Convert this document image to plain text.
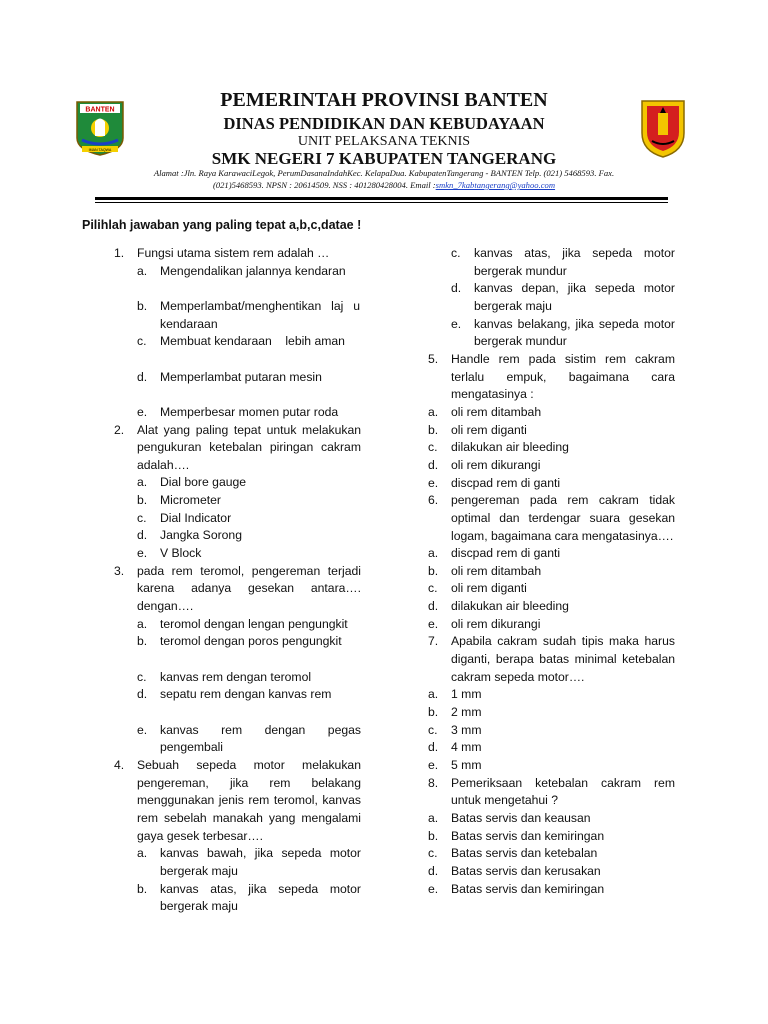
BANTEN
IMAN TAQWA
PEMERINTAH PROVINSI BANTEN
DINAS PENDIDIKAN DAN KEBUDAYAAN
UNIT PELAKSANA TEKNIS
SMK NEGERI 7 KABUPATEN TANGERANG
Alamat :Jln. Raya KarawaciLegok, PerumDasanaIndahKec. KelapaDua. KabupatenTangerang - BANTEN Telp. (021) 5468593. Fax.
(021)5468593. NPSN : 20614509. NSS : 401280428004. Email :smkn_7kabtangerang@yahoo.com
Pilihlah jawaban yang paling tepat a,b,c,datae !
1.	Fungsi utama sistem rem adalah …
a.	Mengendalikan jalannya kendaran
b.	Memperlambat/menghentikan laj u kendaraan
c.	Membuat kendaraan    lebih aman
d.	Memperlambat putaran mesin
e.	Memperbesar momen putar roda
2.	Alat yang paling tepat untuk melakukan pengukuran ketebalan piringan cakram adalah….
a.	Dial bore gauge
b.	Micrometer
c.	Dial Indicator
d.	Jangka Sorong
e.	V Block
3.	pada rem teromol, pengereman terjadi karena adanya gesekan antara…. dengan….
a.	teromol dengan lengan pengungkit
b.	teromol dengan poros pengungkit
c.	kanvas rem dengan teromol
d.	sepatu rem dengan kanvas rem
e.	kanvas rem dengan pegas pengembali
4.	Sebuah sepeda motor melakukan pengereman, jika rem belakang menggunakan jenis rem teromol, kanvas rem sebelah manakah yang mengalami gaya gesek terbesar….
a.	kanvas bawah, jika sepeda motor bergerak maju
b.	kanvas atas, jika sepeda motor bergerak maju
c.	kanvas atas, jika sepeda motor bergerak mundur
d.	kanvas depan, jika sepeda motor bergerak maju
e.	kanvas belakang, jika sepeda motor bergerak mundur
5.	Handle rem pada sistim rem cakram terlalu empuk, bagaimana cara mengatasinya :
a.	oli rem ditambah
b.	oli rem diganti
c.	dilakukan air bleeding
d.	oli rem dikurangi
e.	discpad rem di ganti
6.	pengereman pada rem cakram tidak optimal dan terdengar suara gesekan logam, bagaimana cara mengatasinya….
a.	discpad rem di ganti
b.	oli rem ditambah
c.	oli rem diganti
d.	dilakukan air bleeding
e.	oli rem dikurangi
7.	Apabila cakram sudah tipis maka harus diganti, berapa batas minimal ketebalan cakram sepeda motor….
a.	1 mm
b.	2 mm
c.	3 mm
d.	4 mm
e.	5 mm
8.	Pemeriksaan ketebalan cakram rem untuk mengetahui ?
a.	Batas servis dan keausan
b.	Batas servis dan kemiringan
c.	Batas servis dan ketebalan
d.	Batas servis dan kerusakan
e.	Batas servis dan kemiringan
